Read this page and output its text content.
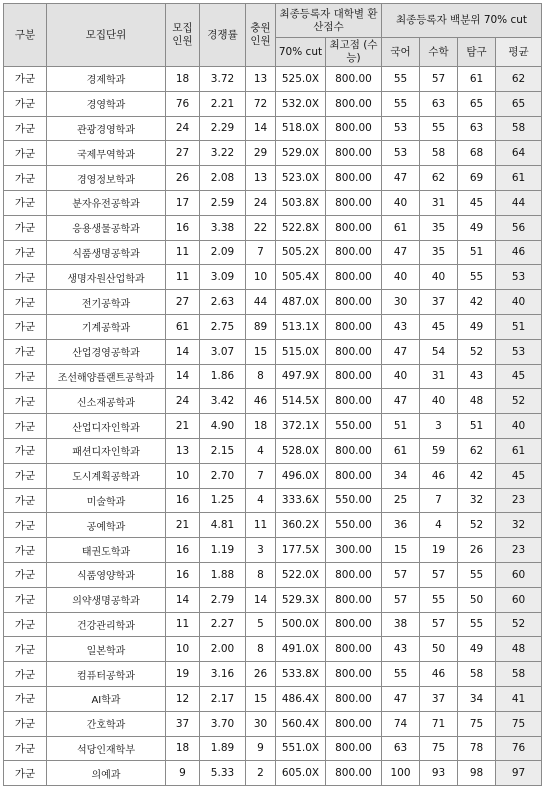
구분	모집단위	모집 인원	경쟁률	충원 인원	최종등록자 대학별 환산점수		최종등록자 백분위 70% cut			
					70% cut	최고점 (수능)	국어	수학	탐구	평균
가군	경제학과	18	3.72	13	525.0X	800.00	55	57	61	62
가군	경영학과	76	2.21	72	532.0X	800.00	55	63	65	65
가군	관광경영학과	24	2.29	14	518.0X	800.00	53	55	63	58
가군	국제무역학과	27	3.22	29	529.0X	800.00	53	58	68	64
가군	경영정보학과	26	2.08	13	523.0X	800.00	47	62	69	61
가군	분자유전공학과	17	2.59	24	503.8X	800.00	40	31	45	44
가군	응용생물공학과	16	3.38	22	522.8X	800.00	61	35	49	56
가군	식품생명공학과	11	2.09	7	505.2X	800.00	47	35	51	46
가군	생명자원산업학과	11	3.09	10	505.4X	800.00	40	40	55	53
가군	전기공학과	27	2.63	44	487.0X	800.00	30	37	42	40
가군	기계공학과	61	2.75	89	513.1X	800.00	43	45	49	51
가군	산업경영공학과	14	3.07	15	515.0X	800.00	47	54	52	53
가군	조선해양플랜트공학과	14	1.86	8	497.9X	800.00	40	31	43	45
가군	신소재공학과	24	3.42	46	514.5X	800.00	47	40	48	52
가군	산업디자인학과	21	4.90	18	372.1X	550.00	51	3	51	40
가군	패션디자인학과	13	2.15	4	528.0X	800.00	61	59	62	61
가군	도시계획공학과	10	2.70	7	496.0X	800.00	34	46	42	45
가군	미술학과	16	1.25	4	333.6X	550.00	25	7	32	23
가군	공예학과	21	4.81	11	360.2X	550.00	36	4	52	32
가군	태권도학과	16	1.19	3	177.5X	300.00	15	19	26	23
가군	식품영양학과	16	1.88	8	522.0X	800.00	57	57	55	60
가군	의약생명공학과	14	2.79	14	529.3X	800.00	57	55	50	60
가군	건강관리학과	11	2.27	5	500.0X	800.00	38	57	55	52
가군	일본학과	10	2.00	8	491.0X	800.00	43	50	49	48
가군	컴퓨터공학과	19	3.16	26	533.8X	800.00	55	46	58	58
가군	AI학과	12	2.17	15	486.4X	800.00	47	37	34	41
가군	간호학과	37	3.70	30	560.4X	800.00	74	71	75	75
가군	석당인재학부	18	1.89	9	551.0X	800.00	63	75	78	76
가군	의예과	9	5.33	2	605.0X	800.00	100	93	98	97
